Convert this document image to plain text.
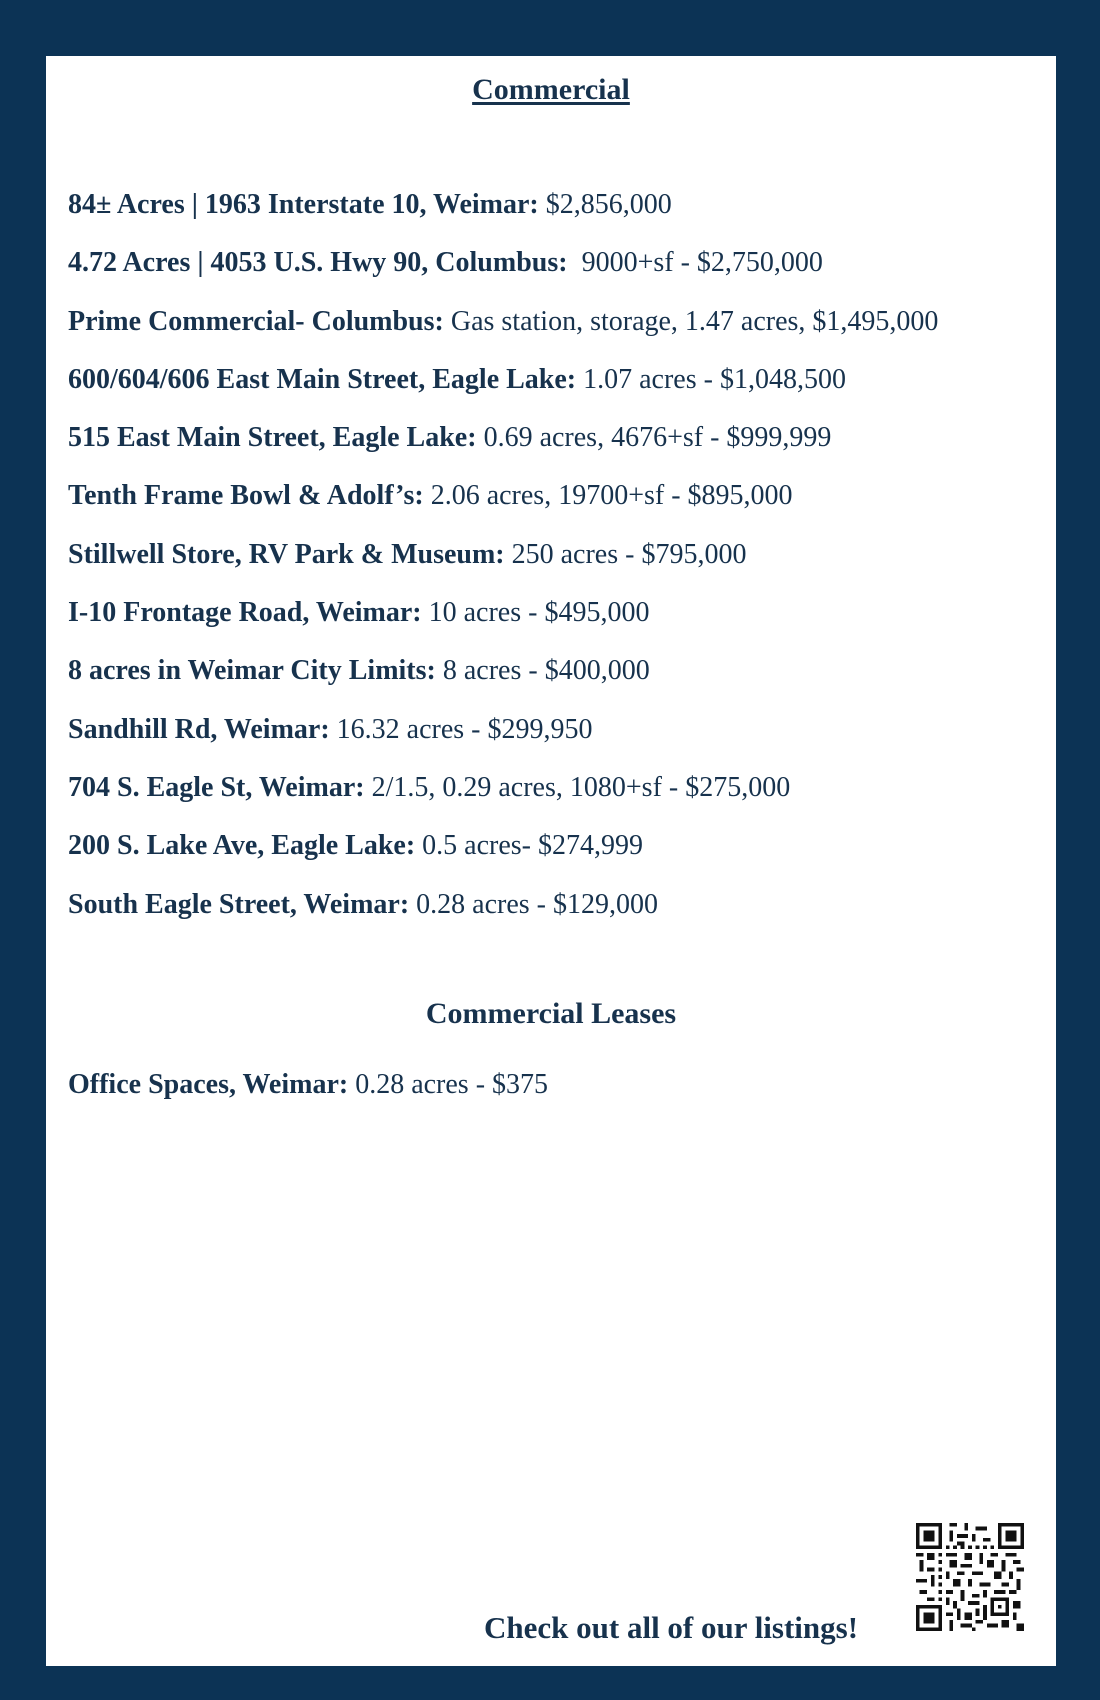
Commercial
84± Acres | 1963 Interstate 10, Weimar: $2,856,000
4.72 Acres | 4053 U.S. Hwy 90, Columbus:  9000+sf - $2,750,000
Prime Commercial- Columbus: Gas station, storage, 1.47 acres, $1,495,000
600/604/606 East Main Street, Eagle Lake: 1.07 acres - $1,048,500
515 East Main Street, Eagle Lake: 0.69 acres, 4676+sf - $999,999
Tenth Frame Bowl & Adolf’s: 2.06 acres, 19700+sf - $895,000
Stillwell Store, RV Park & Museum: 250 acres - $795,000
I-10 Frontage Road, Weimar: 10 acres - $495,000
8 acres in Weimar City Limits: 8 acres - $400,000
Sandhill Rd, Weimar: 16.32 acres - $299,950
704 S. Eagle St, Weimar: 2/1.5, 0.29 acres, 1080+sf - $275,000
200 S. Lake Ave, Eagle Lake: 0.5 acres- $274,999
South Eagle Street, Weimar: 0.28 acres - $129,000
Commercial Leases
Office Spaces, Weimar: 0.28 acres - $375
Check out all of our listings!
